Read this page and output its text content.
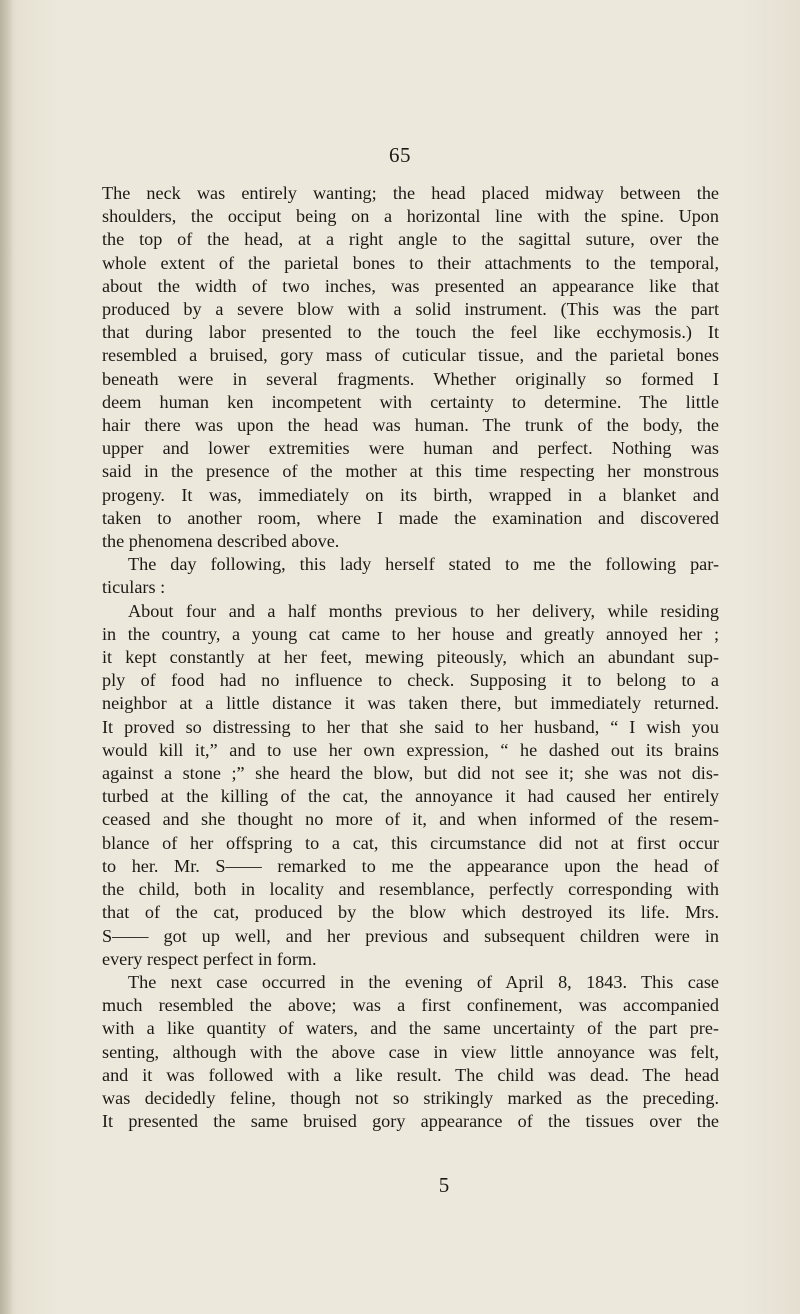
65
The neck was entirely wanting; the head placed midway between the
shoulders, the occiput being on a horizontal line with the spine. Upon
the top of the head, at a right angle to the sagittal suture, over the
whole extent of the parietal bones to their attachments to the temporal,
about the width of two inches, was presented an appearance like that
produced by a severe blow with a solid instrument. (This was the part
that during labor presented to the touch the feel like ecchymosis.) It
resembled a bruised, gory mass of cuticular tissue, and the parietal bones
beneath were in several fragments. Whether originally so formed I
deem human ken incompetent with certainty to determine. The little
hair there was upon the head was human. The trunk of the body, the
upper and lower extremities were human and perfect. Nothing was
said in the presence of the mother at this time respecting her monstrous
progeny. It was, immediately on its birth, wrapped in a blanket and
taken to another room, where I made the examination and discovered
the phenomena described above.
The day following, this lady herself stated to me the following par-
ticulars :
About four and a half months previous to her delivery, while residing
in the country, a young cat came to her house and greatly annoyed her ;
it kept constantly at her feet, mewing piteously, which an abundant sup-
ply of food had no influence to check. Supposing it to belong to a
neighbor at a little distance it was taken there, but immediately returned.
It proved so distressing to her that she said to her husband, “ I wish you
would kill it,” and to use her own expression, “ he dashed out its brains
against a stone ;” she heard the blow, but did not see it; she was not dis-
turbed at the killing of the cat, the annoyance it had caused her entirely
ceased and she thought no more of it, and when informed of the resem-
blance of her offspring to a cat, this circumstance did not at first occur
to her. Mr. S—— remarked to me the appearance upon the head of
the child, both in locality and resemblance, perfectly corresponding with
that of the cat, produced by the blow which destroyed its life. Mrs.
S—— got up well, and her previous and subsequent children were in
every respect perfect in form.
The next case occurred in the evening of April 8, 1843. This case
much resembled the above; was a first confinement, was accompanied
with a like quantity of waters, and the same uncertainty of the part pre-
senting, although with the above case in view little annoyance was felt,
and it was followed with a like result. The child was dead. The head
was decidedly feline, though not so strikingly marked as the preceding.
It presented the same bruised gory appearance of the tissues over the
5
